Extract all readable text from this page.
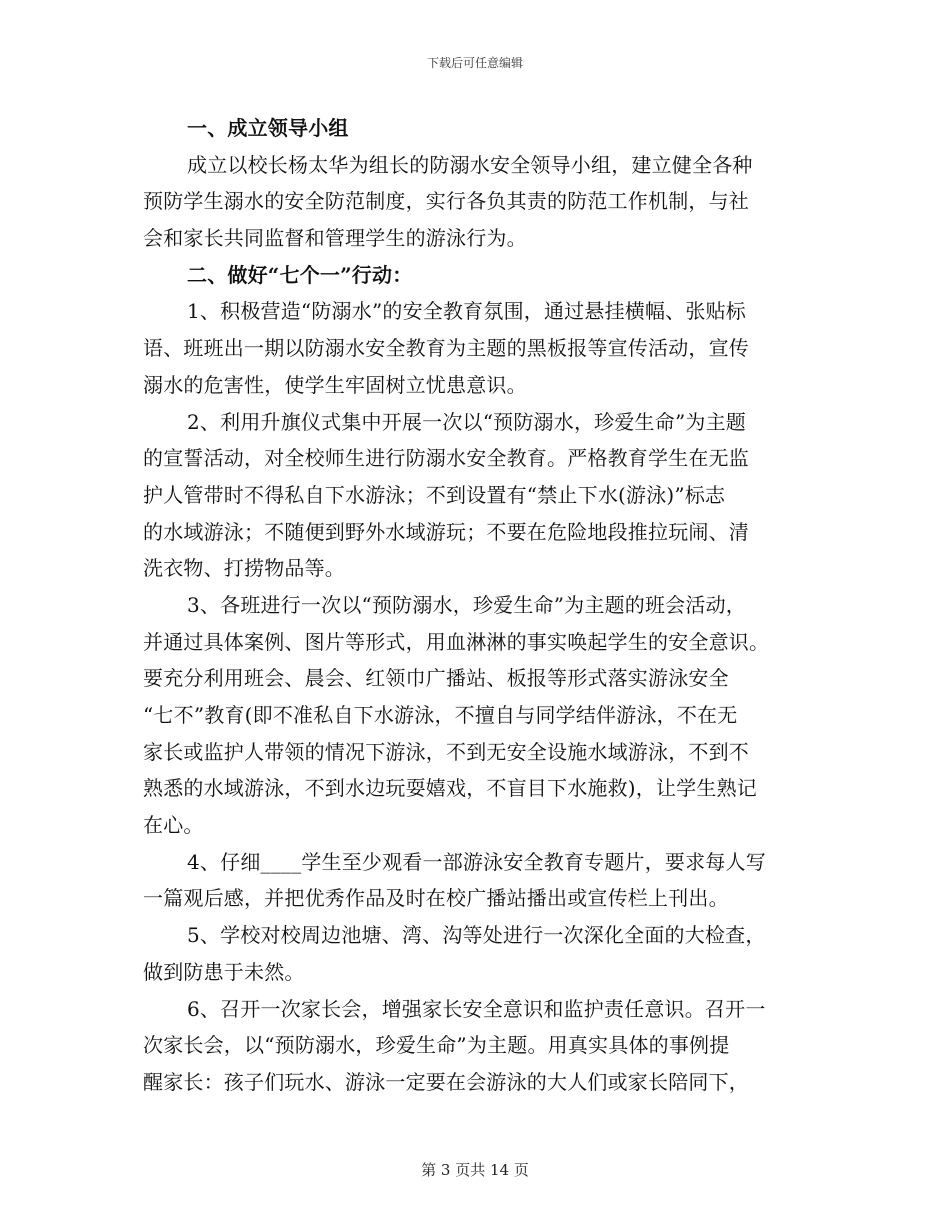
下载后可任意编辑
一、成立领导小组
成立以校长杨太华为组长的防溺水安全领导小组，建立健全各种
预防学生溺水的安全防范制度，实行各负其责的防范工作机制，与社
会和家长共同监督和管理学生的游泳行为。
二、做好“七个一”行动：
1、积极营造“防溺水”的安全教育氛围，通过悬挂横幅、张贴标
语、班班出一期以防溺水安全教育为主题的黑板报等宣传活动，宣传
溺水的危害性，使学生牢固树立忧患意识。
2、利用升旗仪式集中开展一次以“预防溺水，珍爱生命”为主题
的宣誓活动，对全校师生进行防溺水安全教育。严格教育学生在无监
护人管带时不得私自下水游泳；不到设置有“禁止下水(游泳)”标志
的水域游泳；不随便到野外水域游玩；不要在危险地段推拉玩闹、清
洗衣物、打捞物品等。
3、各班进行一次以“预防溺水，珍爱生命”为主题的班会活动，
并通过具体案例、图片等形式，用血淋淋的事实唤起学生的安全意识。
要充分利用班会、晨会、红领巾广播站、板报等形式落实游泳安全
“七不”教育(即不准私自下水游泳，不擅自与同学结伴游泳，不在无
家长或监护人带领的情况下游泳，不到无安全设施水域游泳，不到不
熟悉的水域游泳，不到水边玩耍嬉戏，不盲目下水施救)，让学生熟记
在心。
4、仔细____学生至少观看一部游泳安全教育专题片，要求每人写
一篇观后感，并把优秀作品及时在校广播站播出或宣传栏上刊出。
5、学校对校周边池塘、湾、沟等处进行一次深化全面的大检查，
做到防患于未然。
6、召开一次家长会，增强家长安全意识和监护责任意识。召开一
次家长会，以“预防溺水，珍爱生命”为主题。用真实具体的事例提
醒家长：孩子们玩水、游泳一定要在会游泳的大人们或家长陪同下，
第 3 页共 14 页
